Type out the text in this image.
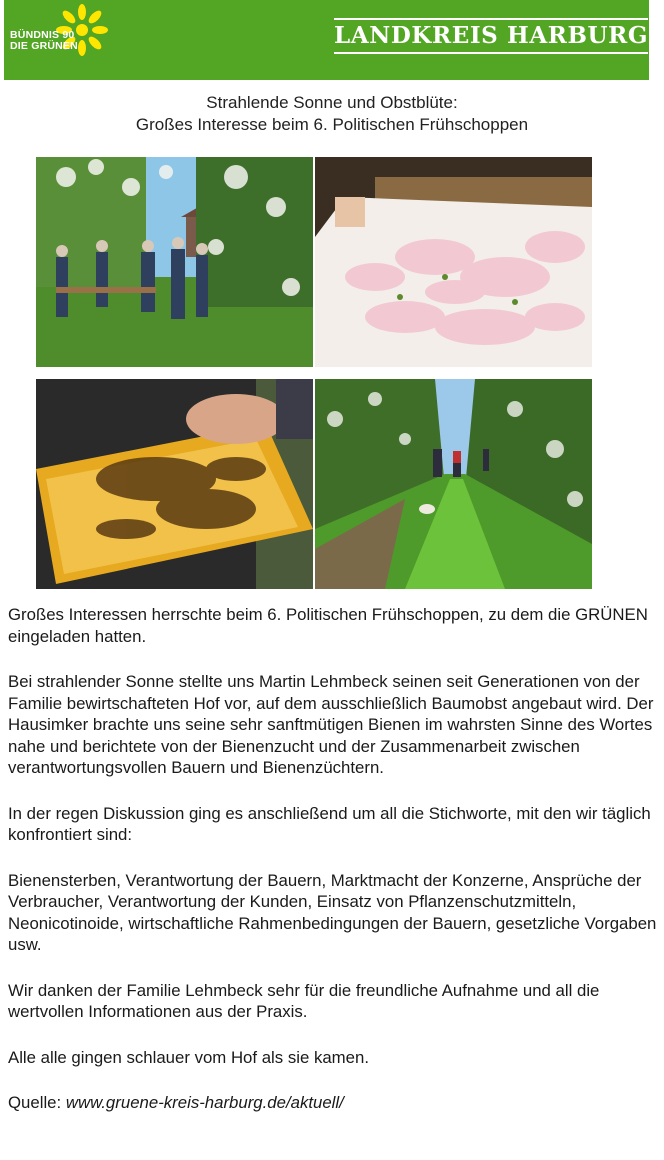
BÜNDNIS 90
DIE GRÜNEN	LANDKREIS HARBURG
Strahlende Sonne und Obstblüte:
Großes Interesse beim 6. Politischen Frühschoppen

Großes Interessen herrschte beim 6. Politischen Frühschoppen, zu dem die GRÜNEN eingeladen hatten.

Bei strahlender Sonne stellte uns Martin Lehmbeck seinen seit Generationen von der Familie bewirtschafteten Hof vor, auf dem ausschließlich Baumobst angebaut wird. Der Hausimker brachte uns seine sehr sanftmütigen Bienen im wahrsten Sinne des Wortes nahe und berichtete von der Bienenzucht und der Zusammenarbeit zwischen verantwortungsvollen Bauern und Bienenzüchtern.

In der regen Diskussion ging es anschließend um all die Stichworte, mit den wir täglich konfrontiert sind:

Bienensterben, Verantwortung der Bauern, Marktmacht der Konzerne, Ansprüche der Verbraucher, Verantwortung der Kunden, Einsatz von Pflanzenschutzmitteln, Neonicotinoide, wirtschaftliche Rahmenbedingungen der Bauern, gesetzliche Vorgaben usw.

Wir danken der Familie Lehmbeck sehr für die freundliche Aufnahme und all die wertvollen Informationen aus der Praxis.

Alle alle gingen schlauer vom Hof als sie kamen.

Quelle: www.gruene-kreis-harburg.de/aktuell/
